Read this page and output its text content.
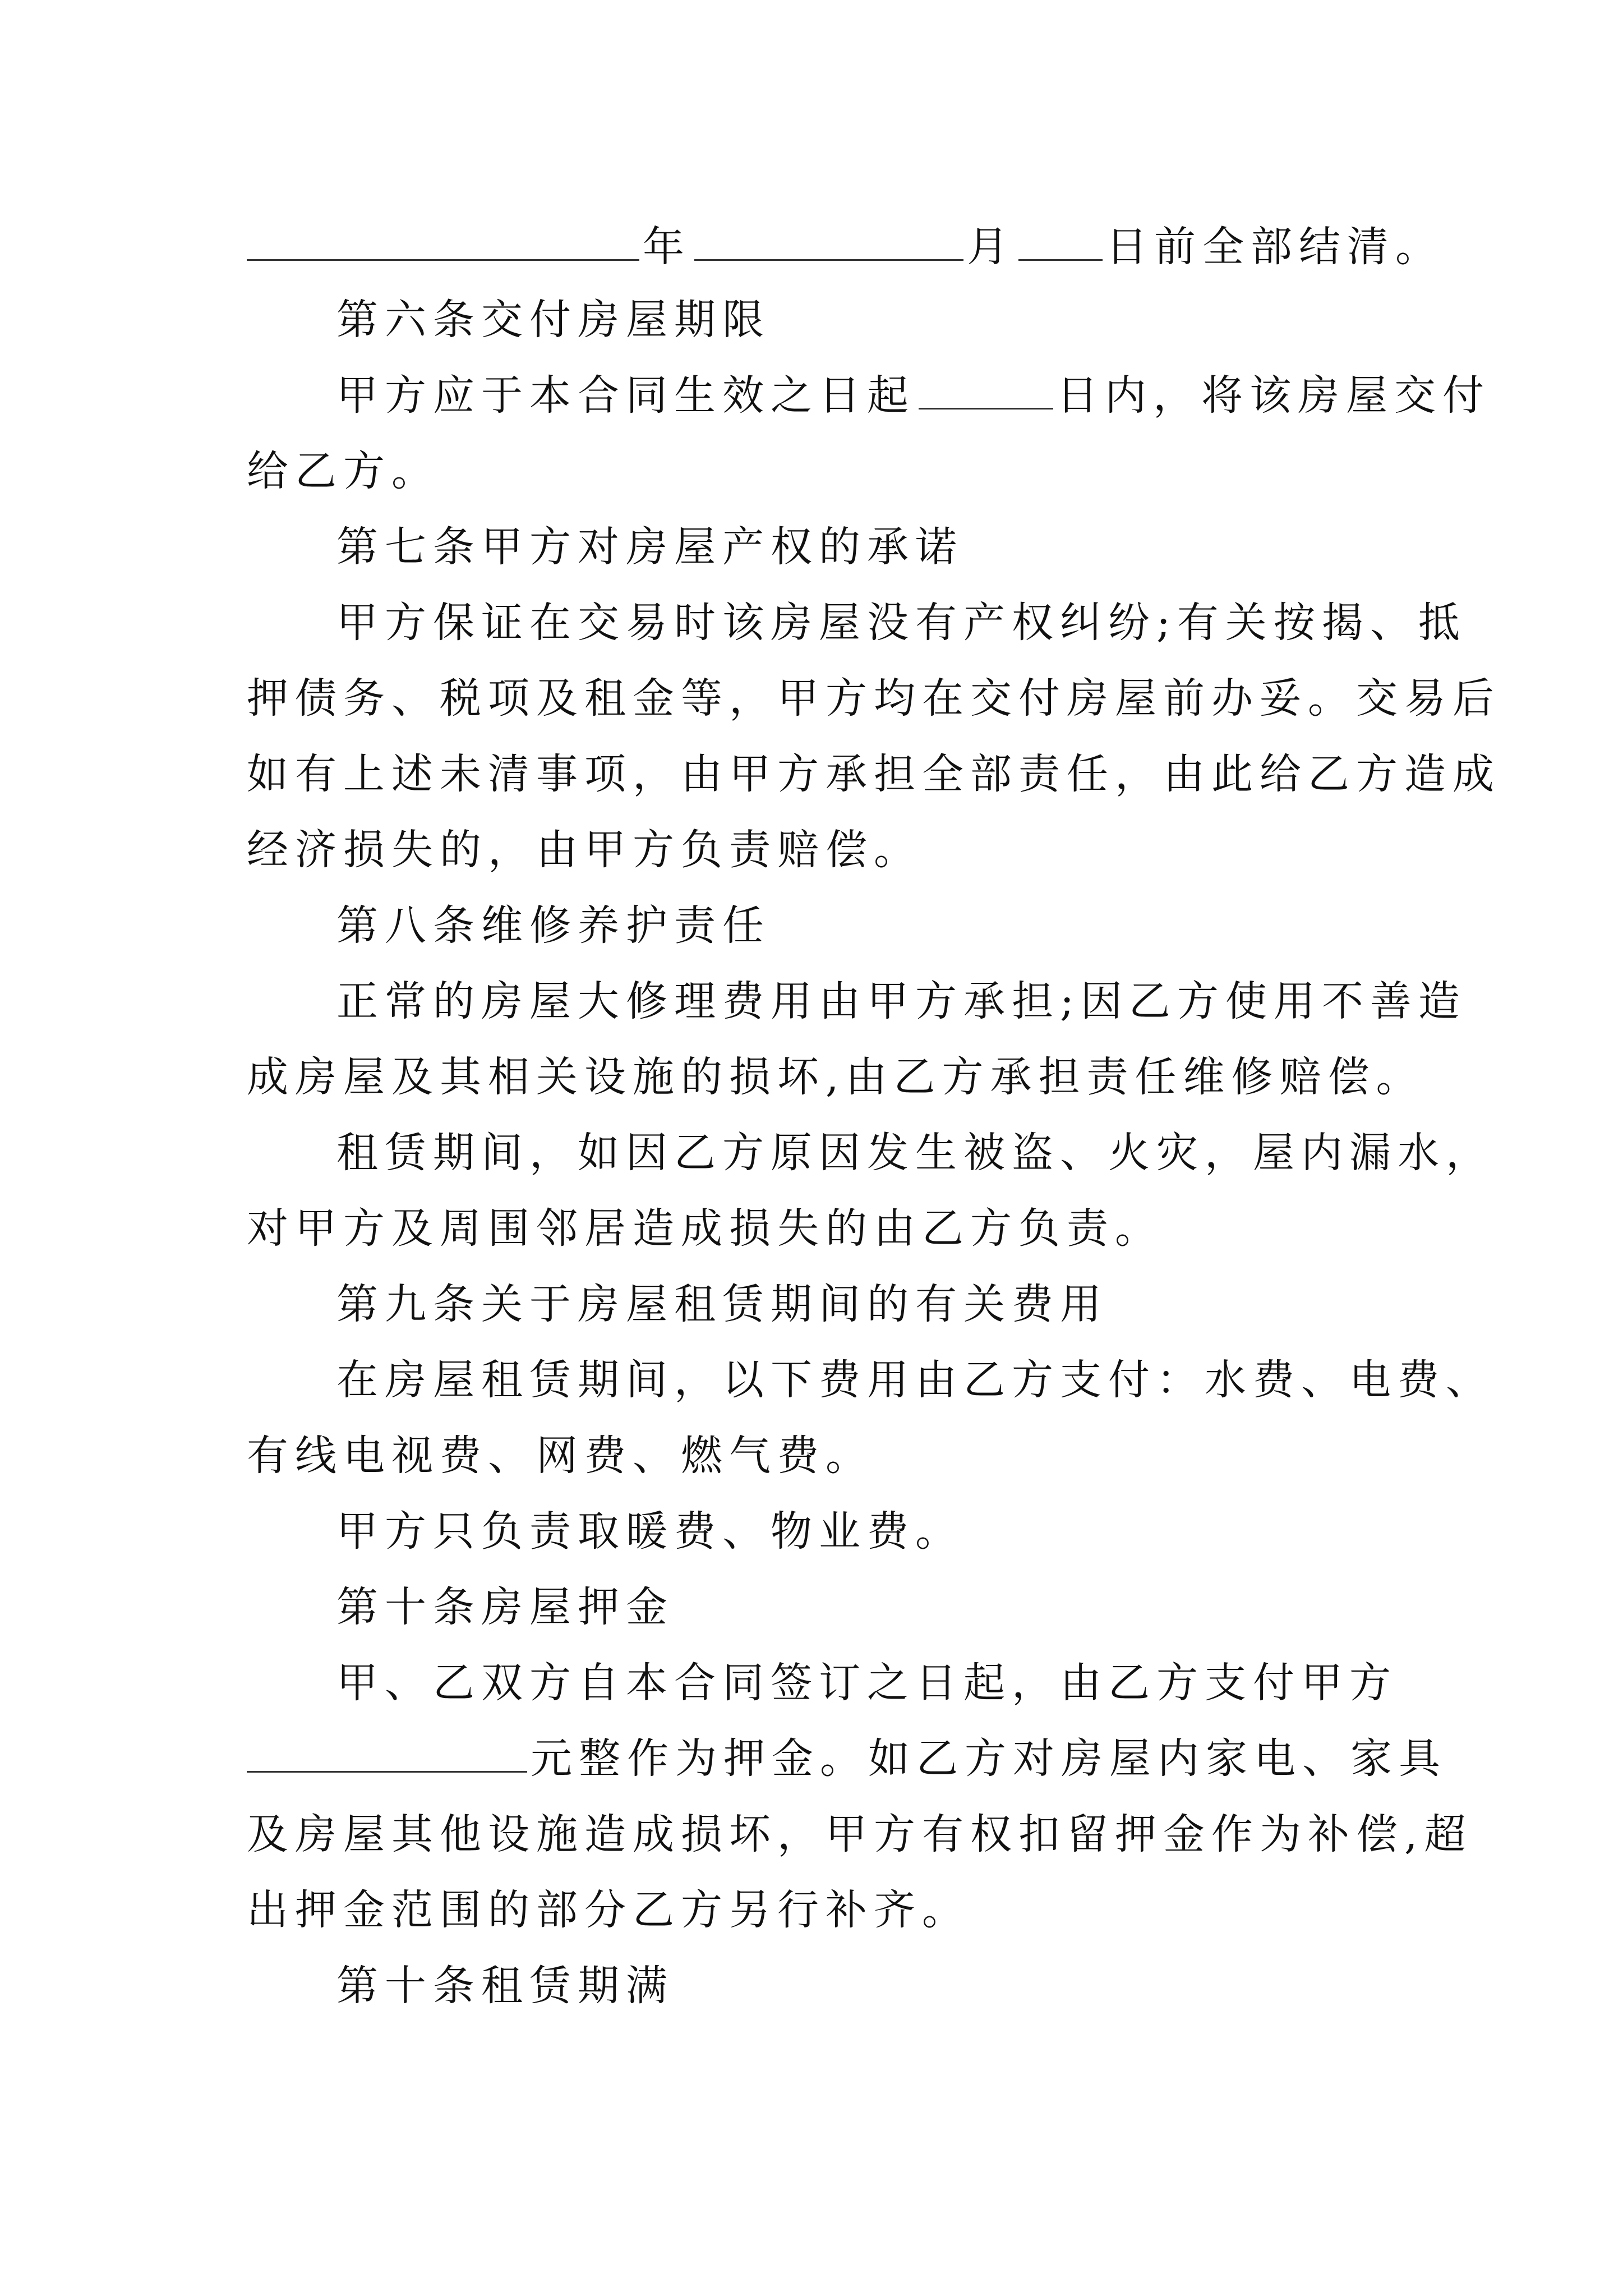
年	月 日前全部结清。
第六条交付房屋期限
甲方应于本合同生效之日起	日内，将该房屋交付
给乙方。
第七条甲方对房屋产权的承诺
甲方保证在交易时该房屋没有产权纠纷;有关按揭、抵
押债务、税项及租金等，甲方均在交付房屋前办妥。交易后
如有上述未清事项，由甲方承担全部责任，由此给乙方造成
经济损失的，由甲方负责赔偿。
第八条维修养护责任
正常的房屋大修理费用由甲方承担;因乙方使用不善造
成房屋及其相关设施的损坏,由乙方承担责任维修赔偿。
租赁期间，如因乙方原因发生被盗、火灾，屋内漏水，
对甲方及周围邻居造成损失的由乙方负责。
第九条关于房屋租赁期间的有关费用
在房屋租赁期间，以下费用由乙方支付：水费、电费、
有线电视费、网费、燃气费。
甲方只负责取暖费、物业费。
第十条房屋押金
甲、乙双方自本合同签订之日起，由乙方支付甲方
元整作为押金。如乙方对房屋内家电、家具
及房屋其他设施造成损坏，甲方有权扣留押金作为补偿,超
出押金范围的部分乙方另行补齐。
第十条租赁期满
